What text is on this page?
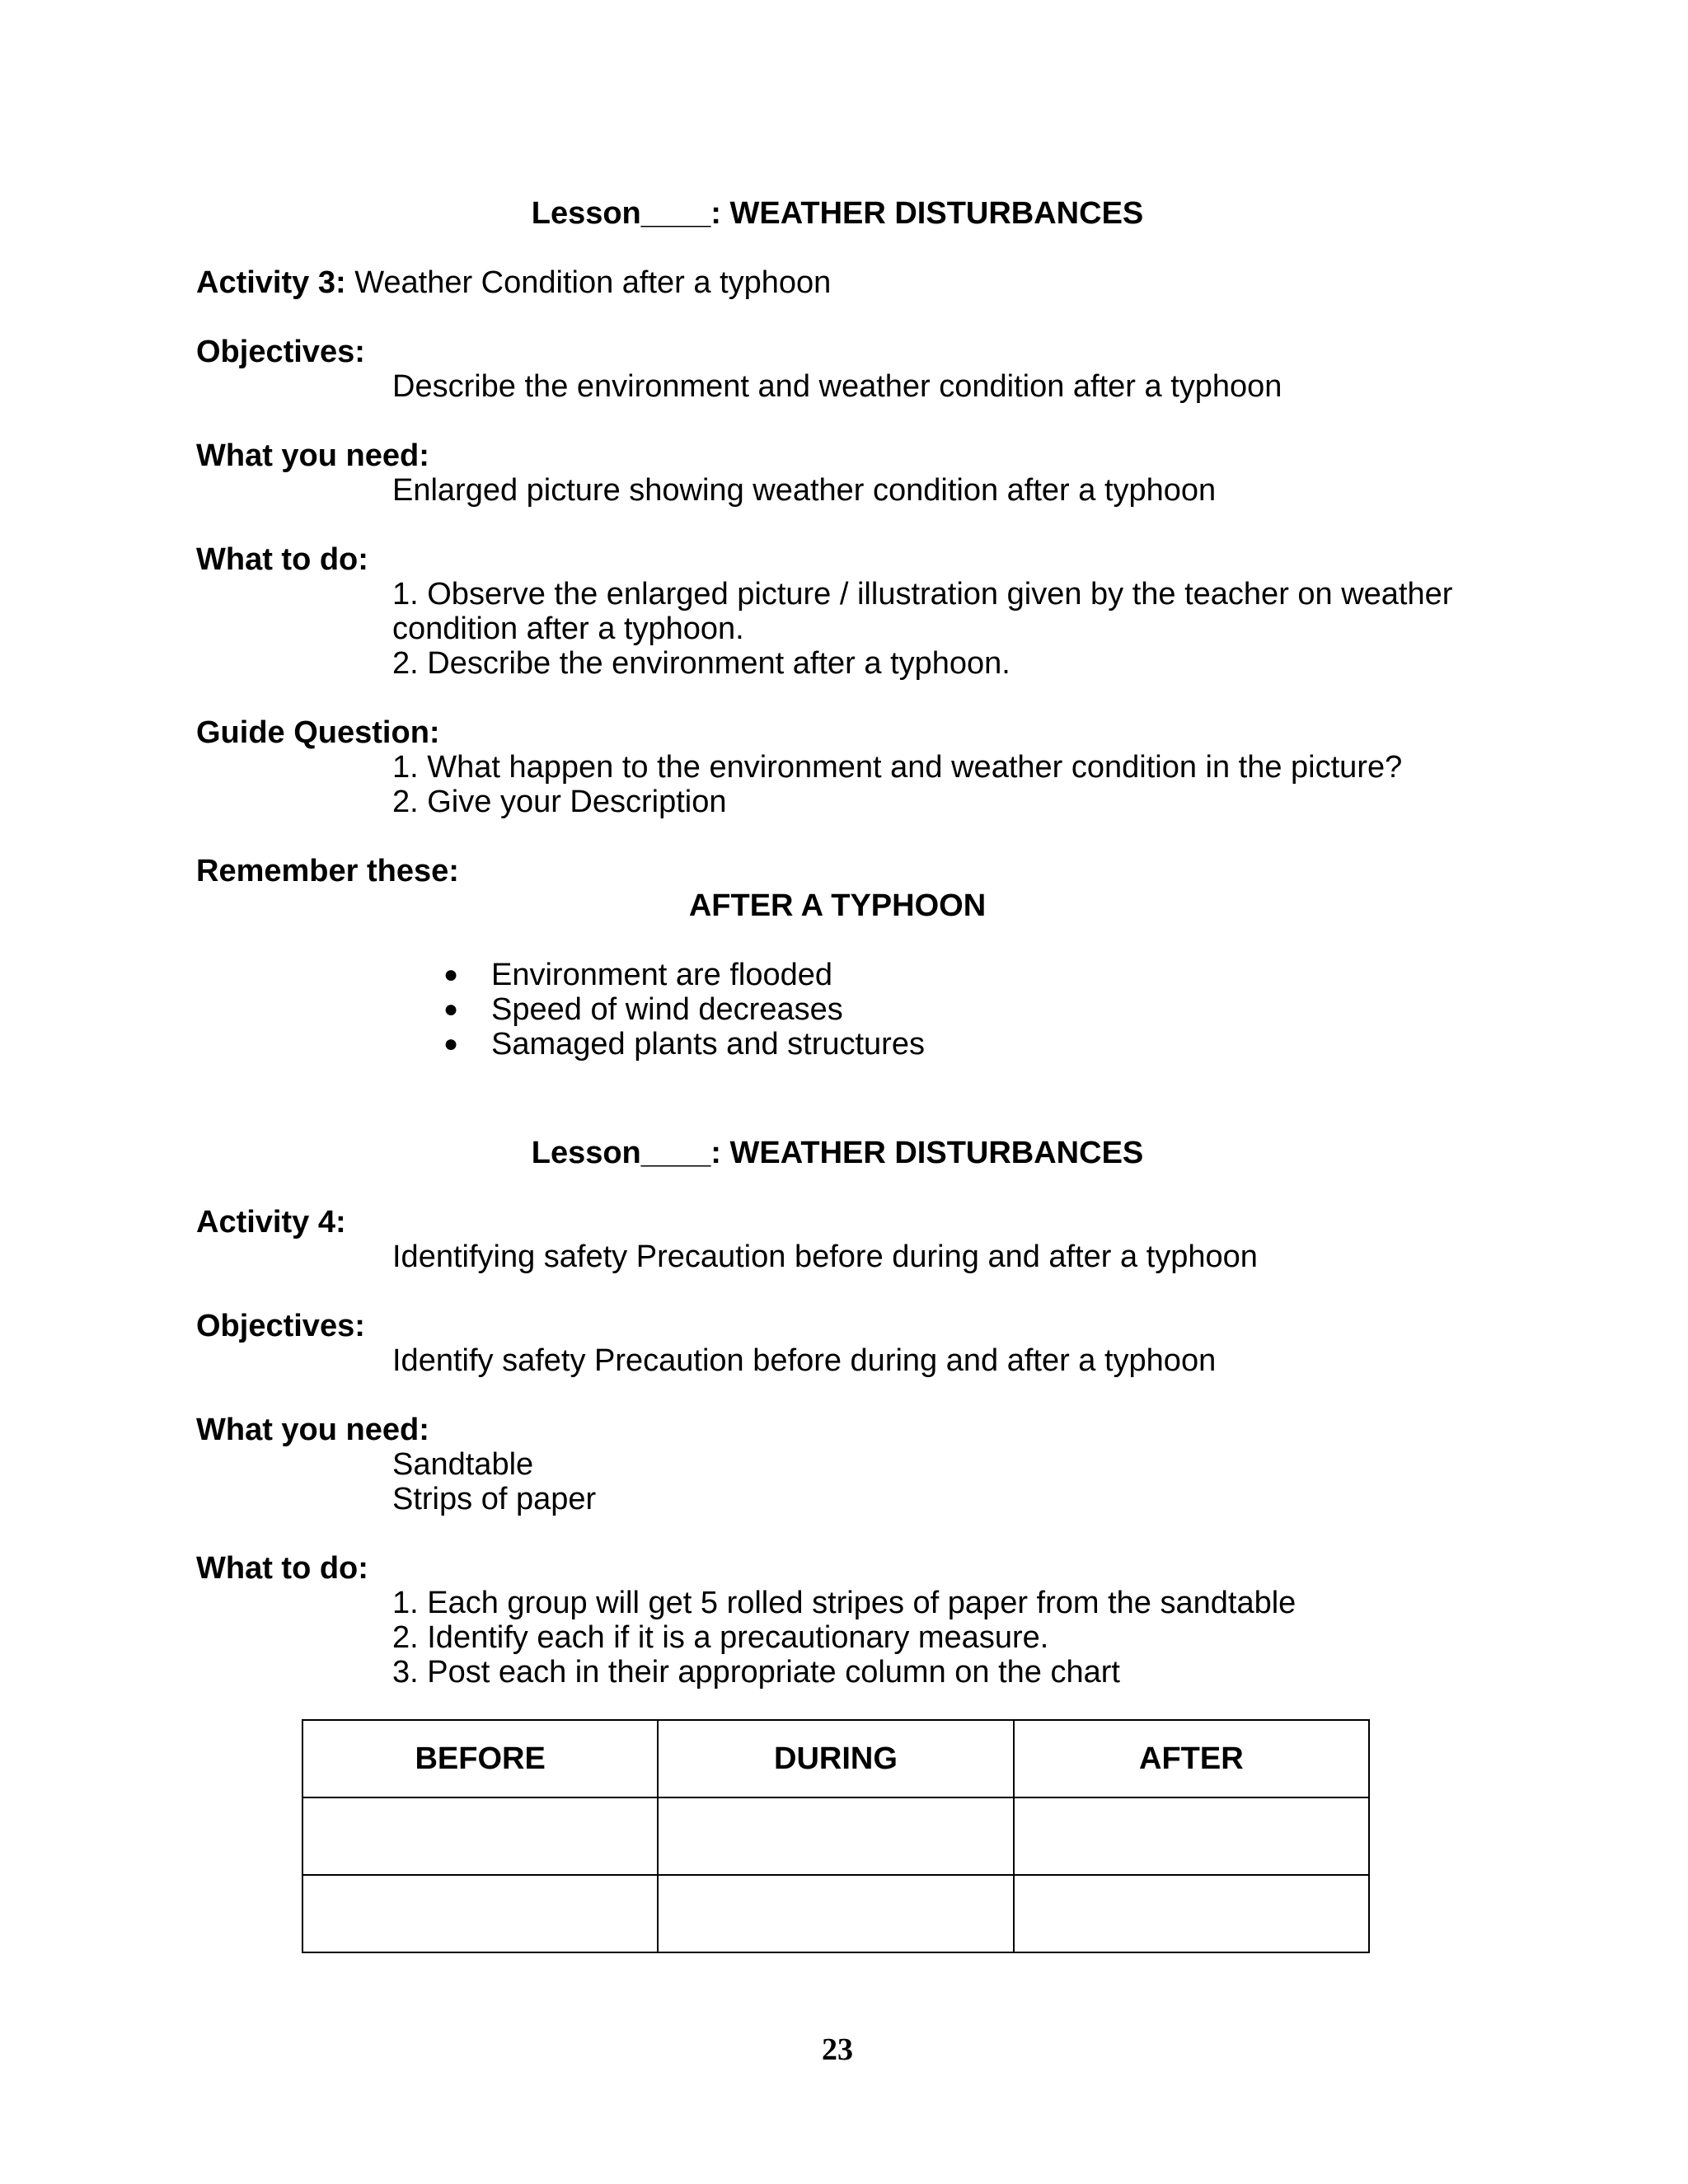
Lesson____: WEATHER DISTURBANCES
Activity 3: Weather Condition after a typhoon
Objectives:
Describe the environment and weather condition after a typhoon
What you need:
Enlarged picture showing weather condition after a typhoon
What to do:
1. Observe the enlarged picture / illustration given by the teacher on weather
condition after a typhoon.
2. Describe the environment after a typhoon.
Guide Question:
1. What happen to the environment and weather condition in the picture?
2. Give your Description
Remember these:
AFTER A TYPHOON
● Environment are flooded
● Speed of wind decreases
● Samaged plants and structures
Lesson____: WEATHER DISTURBANCES
Activity 4:
Identifying safety Precaution before during and after a typhoon
Objectives:
Identify safety Precaution before during and after a typhoon
What you need:
Sandtable
Strips of paper
What to do:
1. Each group will get 5 rolled stripes of paper from the sandtable
2. Identify each if it is a precautionary measure.
3. Post each in their appropriate column on the chart
BEFORE	DURING	AFTER

23
